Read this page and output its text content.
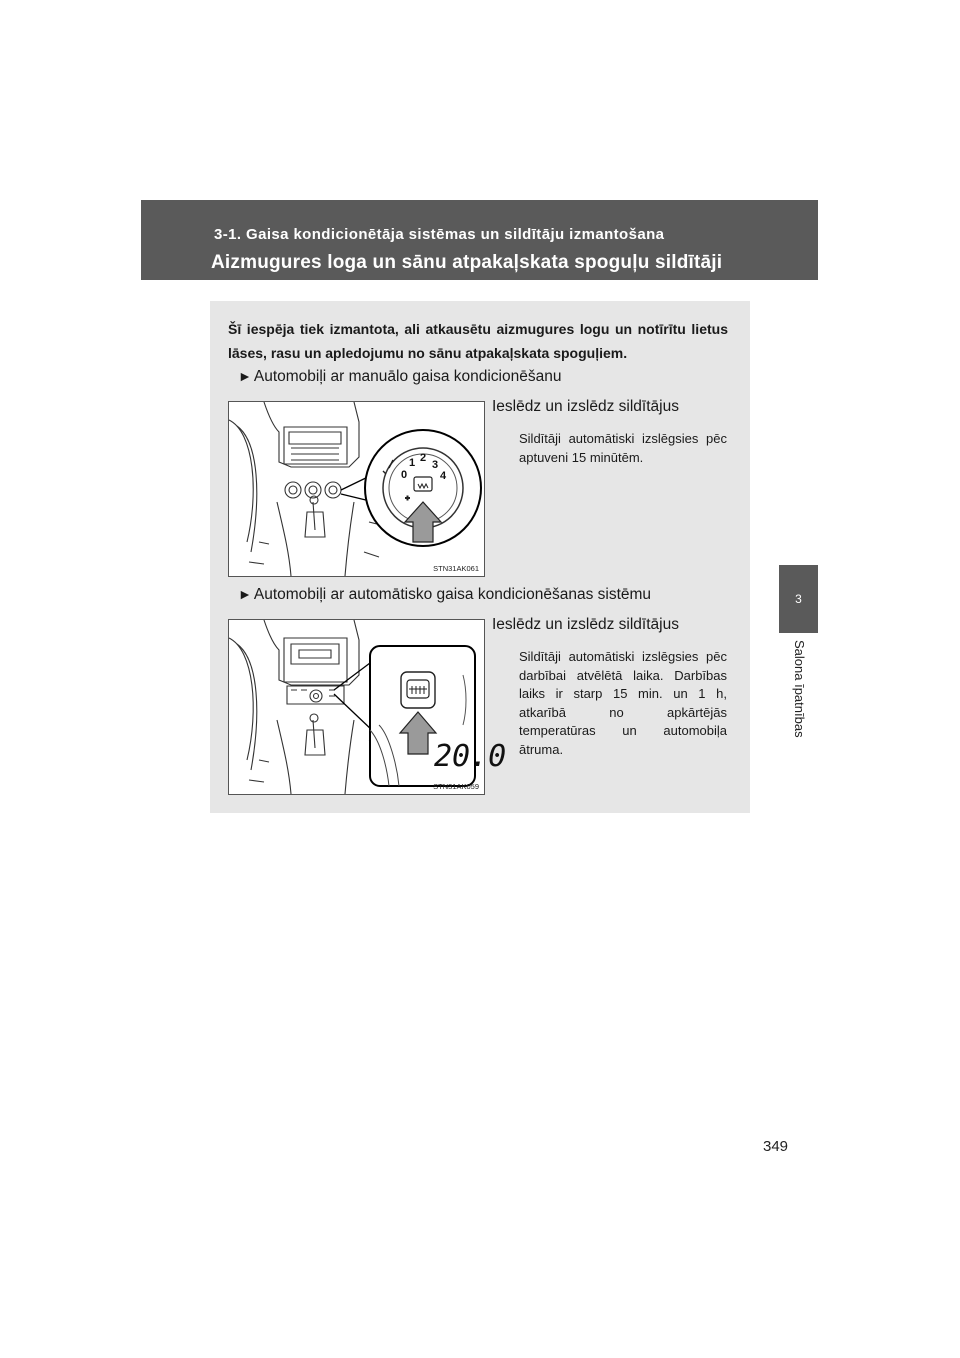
3-1. Gaisa kondicionētāja sistēmas un sildītāju izmantošana
Aizmugures loga un sānu atpakaļskata spoguļu sildītāji
3
Salona īpatnības
Šī iespēja tiek izmantota, ali atkausētu aizmugures logu un notīrītu lietus lāses, rasu un apledojumu no sānu atpakaļskata spoguļiem.
► Automobiļi ar manuālo gaisa kondicionēšanu
0
1 2
3
4
STN31AK061
Ieslēdz un izslēdz sildītājus
Sildītāji automātiski izslēgsies pēc aptuveni 15 minūtēm.
► Automobiļi ar automātisko gaisa kondicionēšanas sistēmu
20.0
STN31AK059
Ieslēdz un izslēdz sildītājus
Sildītāji automātiski izslēgsies pēc darbībai atvēlētā laika. Darbības laiks ir starp 15 min. un 1 h, atkarībā no apkārtējās temperatūras un automobiļa ātruma.
349
